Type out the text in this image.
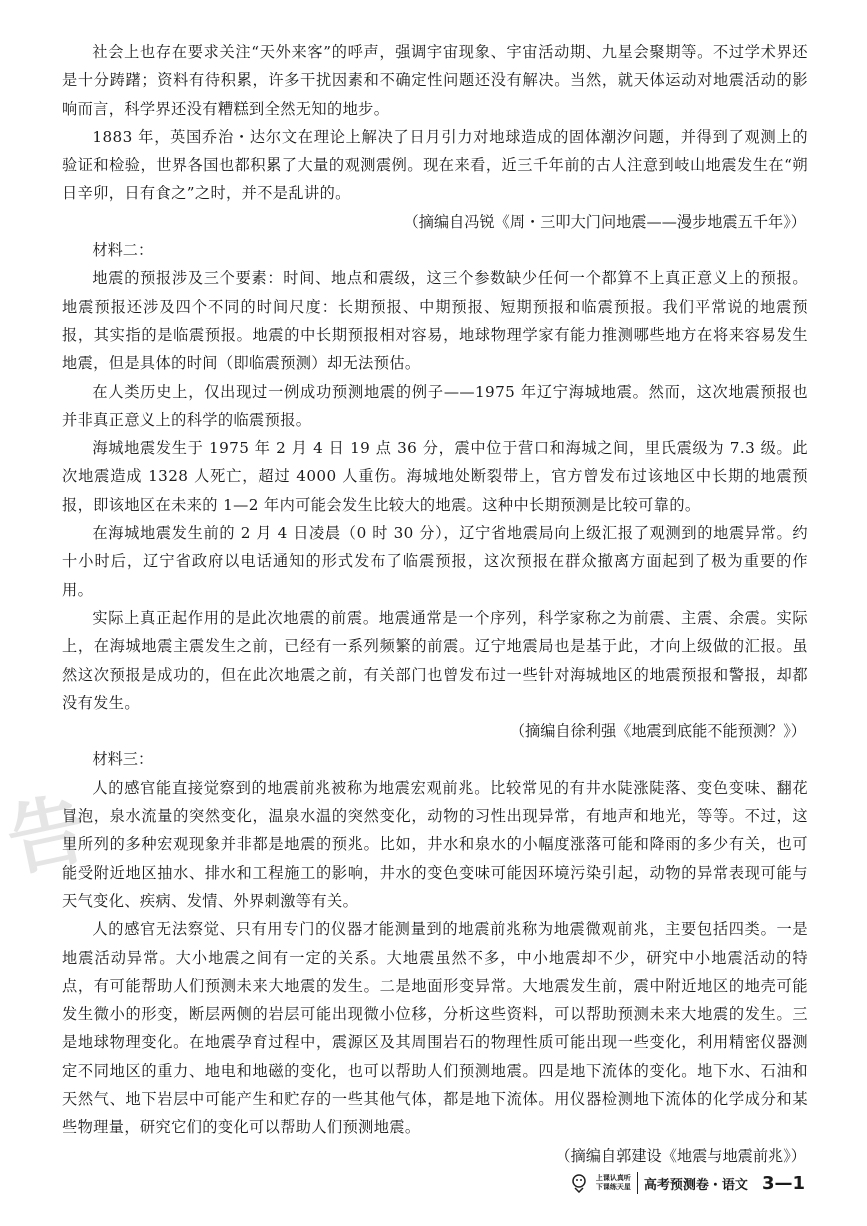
告

社会上也存在要求关注“天外来客”的呼声，强调宇宙现象、宇宙活动期、九星会聚期等。不过学术界还是十分踌躇；资料有待积累，许多干扰因素和不确定性问题还没有解决。当然，就天体运动对地震活动的影响而言，科学界还没有糟糕到全然无知的地步。

1883 年，英国乔治・达尔文在理论上解决了日月引力对地球造成的固体潮汐问题，并得到了观测上的验证和检验，世界各国也都积累了大量的观测震例。现在来看，近三千年前的古人注意到岐山地震发生在“朔日辛卯，日有食之”之时，并不是乱讲的。

（摘编自冯锐《周・三叩大门问地震——漫步地震五千年》）

材料二：

地震的预报涉及三个要素：时间、地点和震级，这三个参数缺少任何一个都算不上真正意义上的预报。地震预报还涉及四个不同的时间尺度：长期预报、中期预报、短期预报和临震预报。我们平常说的地震预报，其实指的是临震预报。地震的中长期预报相对容易，地球物理学家有能力推测哪些地方在将来容易发生地震，但是具体的时间（即临震预测）却无法预估。

在人类历史上，仅出现过一例成功预测地震的例子——1975 年辽宁海城地震。然而，这次地震预报也并非真正意义上的科学的临震预报。

海城地震发生于 1975 年 2 月 4 日 19 点 36 分，震中位于营口和海城之间，里氏震级为 7.3 级。此次地震造成 1328 人死亡，超过 4000 人重伤。海城地处断裂带上，官方曾发布过该地区中长期的地震预报，即该地区在未来的 1—2 年内可能会发生比较大的地震。这种中长期预测是比较可靠的。

在海城地震发生前的 2 月 4 日凌晨（0 时 30 分），辽宁省地震局向上级汇报了观测到的地震异常。约十小时后，辽宁省政府以电话通知的形式发布了临震预报，这次预报在群众撤离方面起到了极为重要的作用。

实际上真正起作用的是此次地震的前震。地震通常是一个序列，科学家称之为前震、主震、余震。实际上，在海城地震主震发生之前，已经有一系列频繁的前震。辽宁地震局也是基于此，才向上级做的汇报。虽然这次预报是成功的，但在此次地震之前，有关部门也曾发布过一些针对海城地区的地震预报和警报，却都没有发生。

（摘编自徐利强《地震到底能不能预测？》）

材料三：

人的感官能直接觉察到的地震前兆被称为地震宏观前兆。比较常见的有井水陡涨陡落、变色变味、翻花冒泡，泉水流量的突然变化，温泉水温的突然变化，动物的习性出现异常，有地声和地光，等等。不过，这里所列的多种宏观现象并非都是地震的预兆。比如，井水和泉水的小幅度涨落可能和降雨的多少有关，也可能受附近地区抽水、排水和工程施工的影响，井水的变色变味可能因环境污染引起，动物的异常表现可能与天气变化、疾病、发情、外界刺激等有关。

人的感官无法察觉、只有用专门的仪器才能测量到的地震前兆称为地震微观前兆，主要包括四类。一是地震活动异常。大小地震之间有一定的关系。大地震虽然不多，中小地震却不少，研究中小地震活动的特点，有可能帮助人们预测未来大地震的发生。二是地面形变异常。大地震发生前，震中附近地区的地壳可能发生微小的形变，断层两侧的岩层可能出现微小位移，分析这些资料，可以帮助预测未来大地震的发生。三是地球物理变化。在地震孕育过程中，震源区及其周围岩石的物理性质可能出现一些变化，利用精密仪器测定不同地区的重力、地电和地磁的变化，也可以帮助人们预测地震。四是地下流体的变化。地下水、石油和天然气、地下岩层中可能产生和贮存的一些其他气体，都是地下流体。用仪器检测地下流体的化学成分和某些物理量，研究它们的变化可以帮助人们预测地震。

（摘编自郭建设《地震与地震前兆》）

上课认真听
下课练天星 高考预测卷・语文 3—1
